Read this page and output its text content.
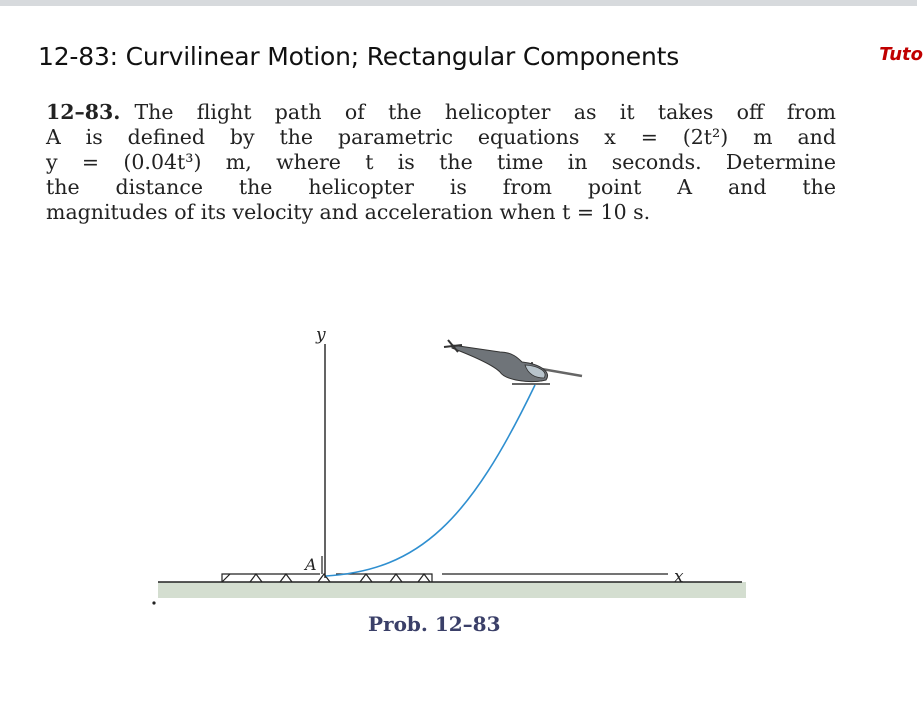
12-83: Curvilinear Motion; Rectangular Components	Tuto
12–83. The flight path of the helicopter as it takes off from
A is defined by the parametric equations x = (2t²) m and
y = (0.04t³) m, where t is the time in seconds. Determine
the distance the helicopter is from point A and the
magnitudes of its velocity and acceleration when t = 10 s.
y
x
A
Prob. 12–83
